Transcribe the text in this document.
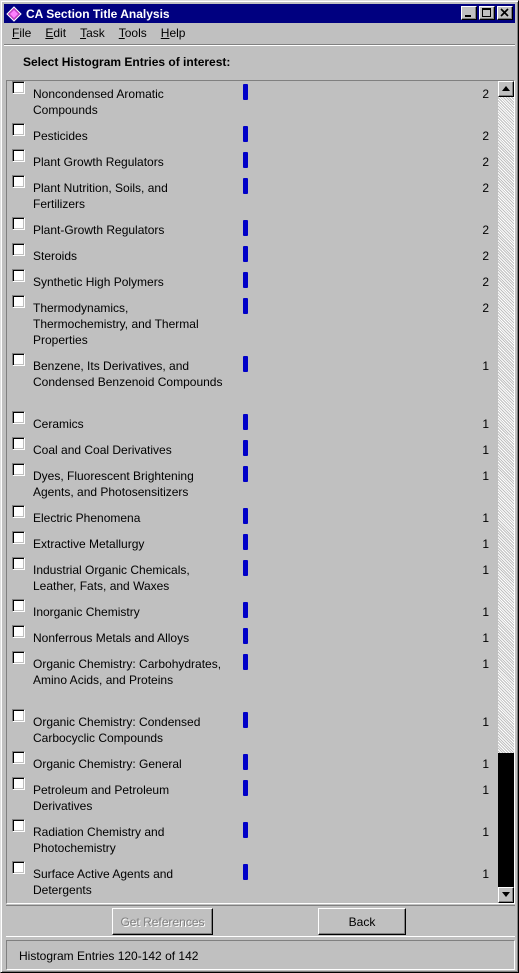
CA Section Title Analysis
File	Edit	Task	Tools	Help
Select Histogram Entries of interest:
Noncondensed Aromatic Compounds
2
Pesticides	2
Plant Growth Regulators	2
Plant Nutrition, Soils, and Fertilizers
2
Plant-Growth Regulators	2
Steroids	2
Synthetic High Polymers	2
Thermodynamics, Thermochemistry, and Thermal Properties
2
Benzene, Its Derivatives, and Condensed Benzenoid Compounds
1
Ceramics	1
Coal and Coal Derivatives	1
Dyes, Fluorescent Brightening Agents, and Photosensitizers
1
Electric Phenomena	1
Extractive Metallurgy	1
Industrial Organic Chemicals, Leather, Fats, and Waxes
1
Inorganic Chemistry	1
Nonferrous Metals and Alloys	1
Organic Chemistry: Carbohydrates, Amino Acids, and Proteins
1
Organic Chemistry: Condensed Carbocyclic Compounds
1
Organic Chemistry: General	1
Petroleum and Petroleum Derivatives
1
Radiation Chemistry and Photochemistry
1
Surface Active Agents and Detergents
1
Get References	Back
Histogram Entries 120-142 of 142
